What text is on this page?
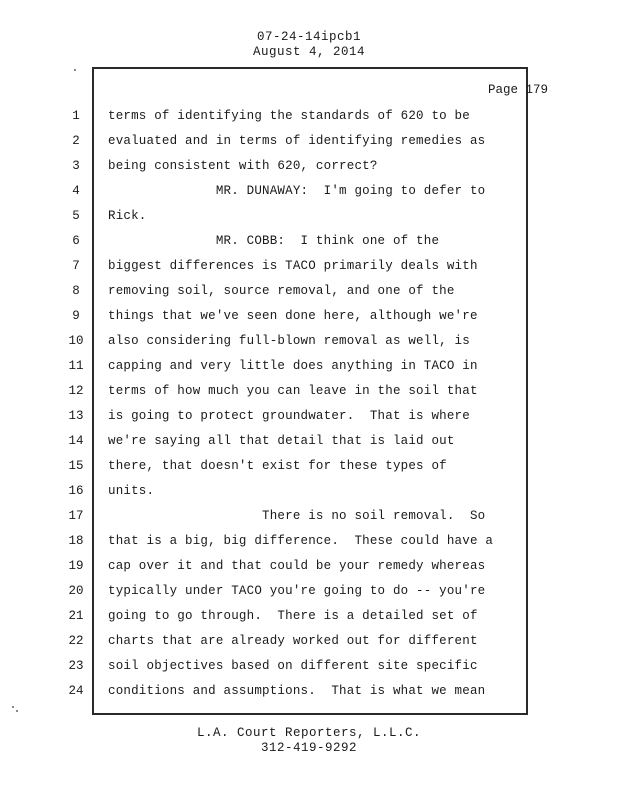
07-24-14ipcb1
August 4, 2014
Page 179
1
2
3
4
5
6
7
8
9
10
11
12
13
14
15
16
17
18
19
20
21
22
23
24
terms of identifying the standards of 620 to be
evaluated and in terms of identifying remedies as
being consistent with 620, correct?
MR. DUNAWAY:  I'm going to defer to
Rick.
MR. COBB:  I think one of the
biggest differences is TACO primarily deals with
removing soil, source removal, and one of the
things that we've seen done here, although we're
also considering full-blown removal as well, is
capping and very little does anything in TACO in
terms of how much you can leave in the soil that
is going to protect groundwater.  That is where
we're saying all that detail that is laid out
there, that doesn't exist for these types of
units.
There is no soil removal.  So
that is a big, big difference.  These could have a
cap over it and that could be your remedy whereas
typically under TACO you're going to do -- you're
going to go through.  There is a detailed set of
charts that are already worked out for different
soil objectives based on different site specific
conditions and assumptions.  That is what we mean
L.A. Court Reporters, L.L.C.
312-419-9292
